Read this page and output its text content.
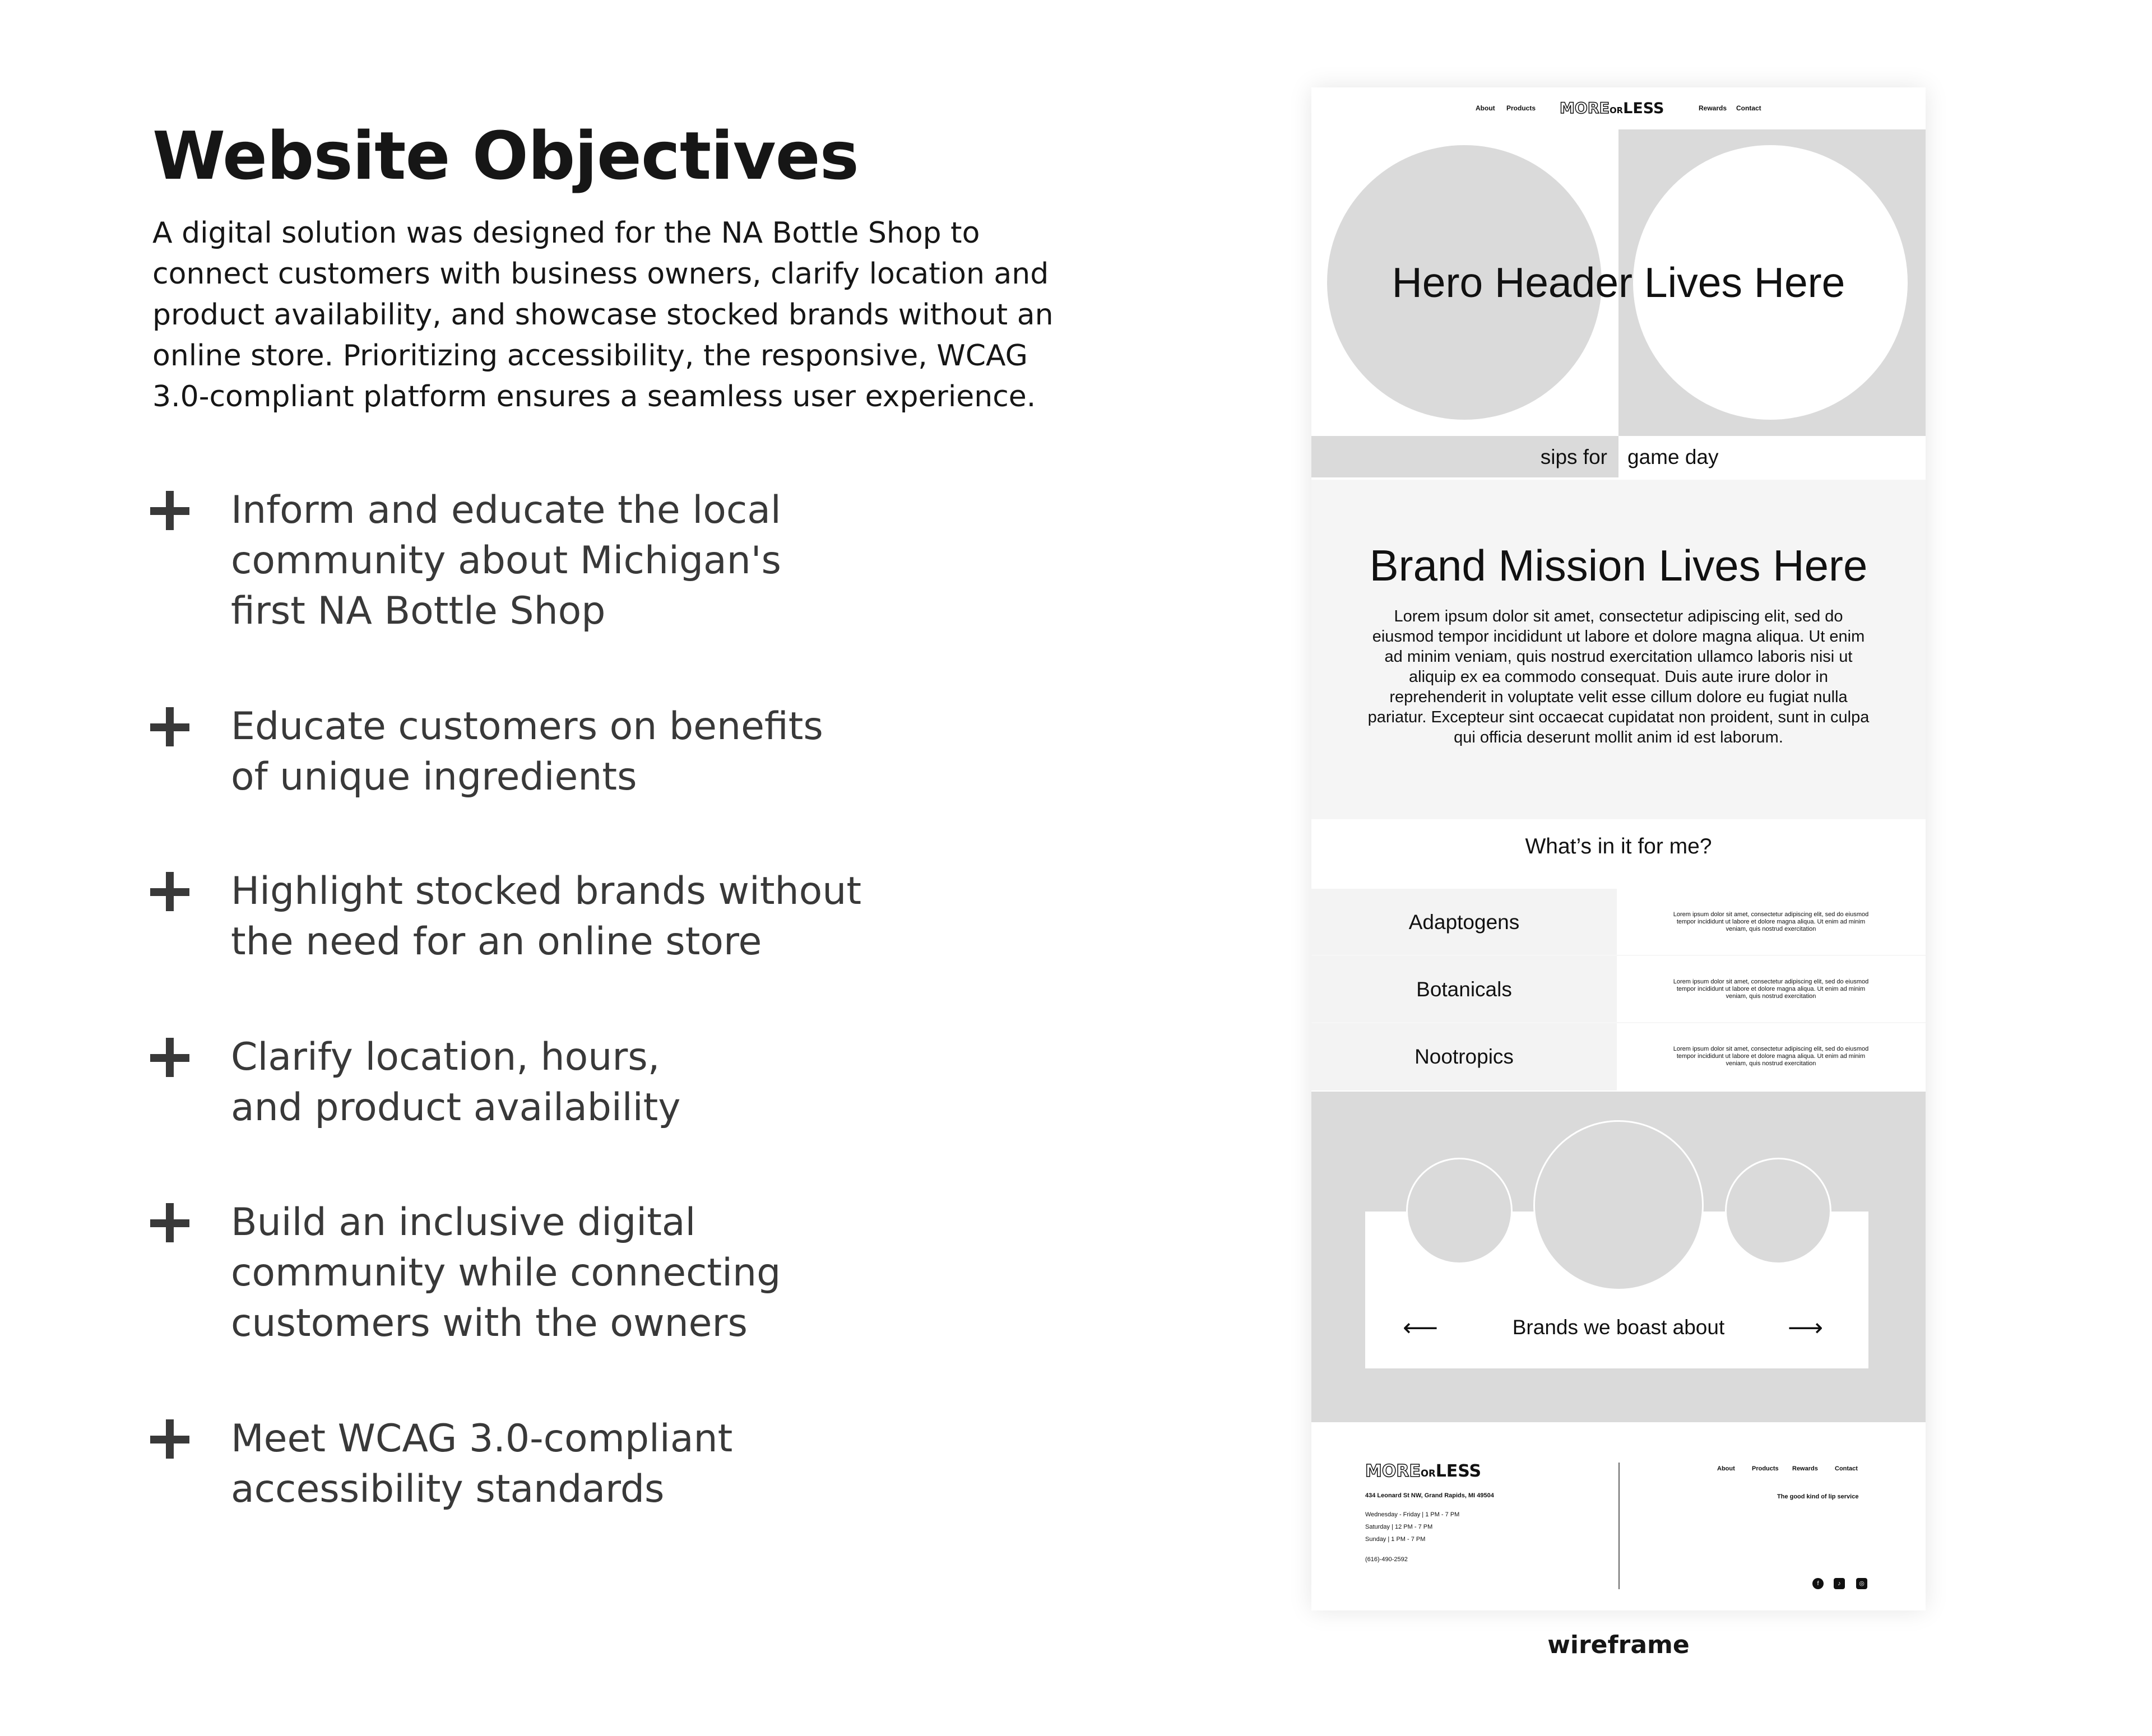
Website Objectives

A digital solution was designed for the NA Bottle Shop to
connect customers with business owners, clarify location and
product availability, and showcase stocked brands without an
online store. Prioritizing accessibility, the responsive, WCAG
3.0-compliant platform ensures a seamless user experience.

Inform and educate the local
community about Michigan's
first NA Bottle Shop

Educate customers on benefits
of unique ingredients

Highlight stocked brands without
the need for an online store

Clarify location, hours,
and product availability

Build an inclusive digital
community while connecting
customers with the owners

Meet WCAG 3.0-compliant
accessibility standards

About Products MOREORLESS	Rewards Contact
Hero Header Lives Here
sips for game day
Brand Mission Lives Here

Lorem ipsum dolor sit amet, consectetur adipiscing elit, sed do eiusmod tempor incididunt ut labore et dolore magna aliqua. Ut enim ad minim veniam, quis nostrud exercitation ullamco laboris nisi ut aliquip ex ea commodo consequat. Duis aute irure dolor in reprehenderit in voluptate velit esse cillum dolore eu fugiat nulla pariatur. Excepteur sint occaecat cupidatat non proident, sunt in culpa qui officia deserunt mollit anim id est laborum.

What’s in it for me?
Adaptogens	Lorem ipsum dolor sit amet, consectetur adipiscing elit, sed do eiusmod tempor incididunt ut labore et dolore magna aliqua. Ut enim ad minim veniam, quis nostrud exercitation
Botanicals	Lorem ipsum dolor sit amet, consectetur adipiscing elit, sed do eiusmod tempor incididunt ut labore et dolore magna aliqua. Ut enim ad minim veniam, quis nostrud exercitation
Nootropics	Lorem ipsum dolor sit amet, consectetur adipiscing elit, sed do eiusmod tempor incididunt ut labore et dolore magna aliqua. Ut enim ad minim veniam, quis nostrud exercitation
⟵	Brands we boast about	⟶
MOREORLESS
434 Leonard St NW, Grand Rapids, MI 49504
Wednesday - Friday | 1 PM - 7 PM
Saturday | 12 PM - 7 PM
Sunday | 1 PM - 7 PM
(616)-490-2592
About	Products Rewards	Contact
The good kind of lip service
f	♪	◎
wireframe
